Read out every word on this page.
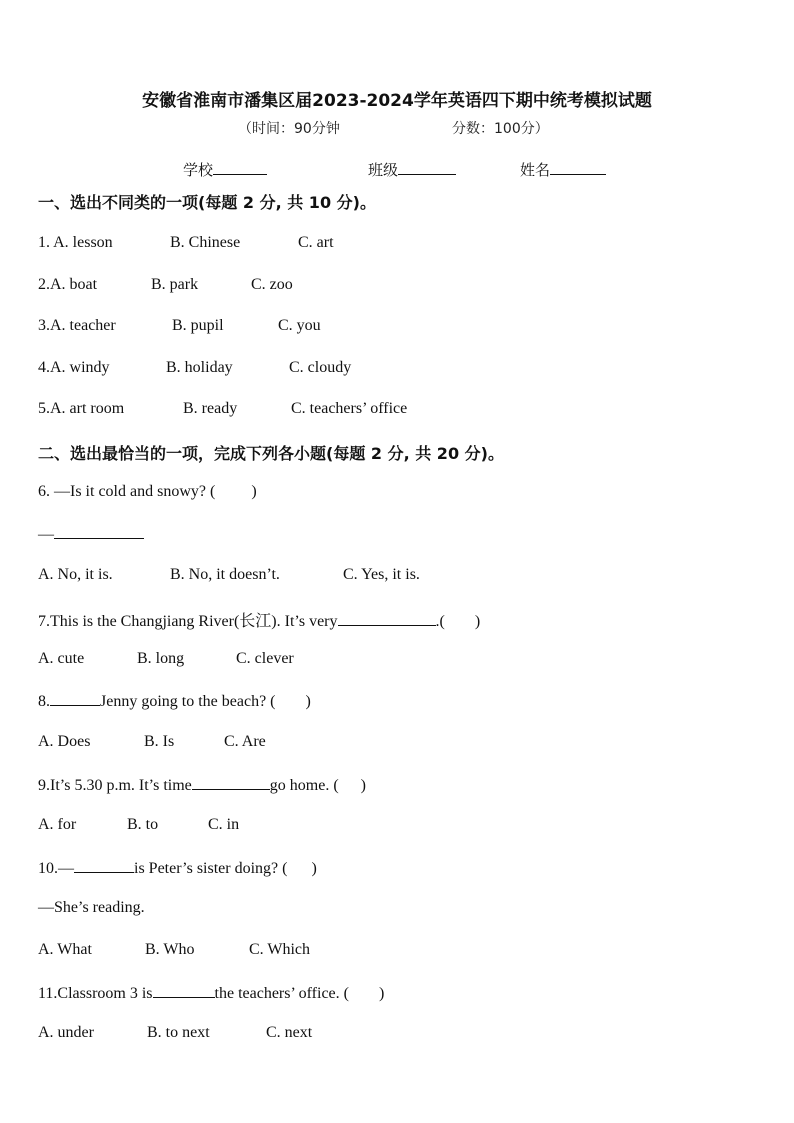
安徽省淮南市潘集区届2023-2024学年英语四下期中统考模拟试题
（时间：90分钟	分数：100分）
学校	班级	姓名
一、选出不同类的一项(每题 2 分, 共 10 分)。
1. A. lesson	B. Chinese	C. art
2.A. boat	B. park	C. zoo
3.A. teacher	B. pupil	C. you
4.A. windy	B. holiday	C. cloudy
5.A. art room	B. ready	C. teachers’ office
二、选出最恰当的一项，完成下列各小题(每题 2 分, 共 20 分)。
6. —Is it cold and snowy? ( )
—
A. No, it is.	B. No, it doesn’t.	C. Yes, it is.
7.This is the Changjiang River(长江). It’s very	.( )
A. cute	B. long	C. clever
8.	Jenny going to the beach? ( )
A. Does	B. Is	C. Are
9.It’s 5.30 p.m. It’s time	go home. ( )
A. for	B. to	C. in
10.—	is Peter’s sister doing? ( )
—She’s reading.
A. What	B. Who	C. Which
11.Classroom 3 is	the teachers’ office. ( )
A. under	B. to next	C. next
